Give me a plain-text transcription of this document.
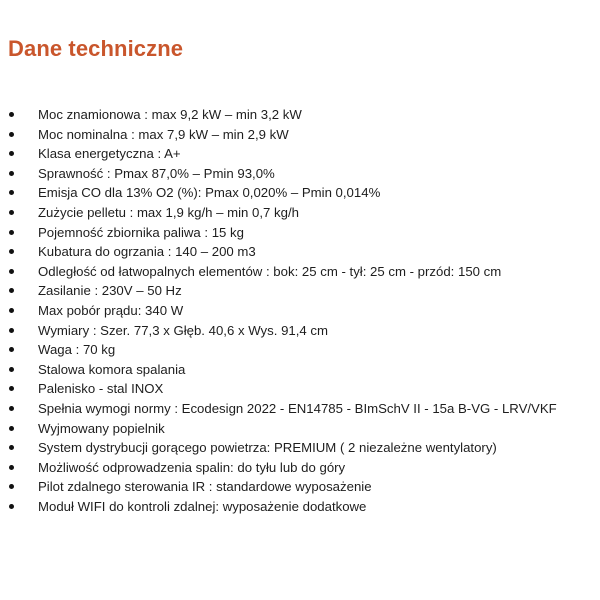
Dane techniczne
Moc znamionowa : max 9,2 kW – min 3,2 kW
Moc nominalna : max 7,9 kW – min 2,9 kW
Klasa energetyczna : A+
Sprawność : Pmax 87,0% – Pmin 93,0%
Emisja CO dla 13% O2 (%): Pmax 0,020% – Pmin 0,014%
Zużycie pelletu : max 1,9 kg/h – min 0,7 kg/h
Pojemność zbiornika paliwa : 15 kg
Kubatura do ogrzania : 140 – 200 m3
Odległość od łatwopalnych elementów : bok: 25 cm - tył: 25 cm - przód: 150 cm
Zasilanie : 230V – 50 Hz
Max pobór prądu: 340 W
Wymiary : Szer. 77,3 x Głęb. 40,6 x Wys. 91,4 cm
Waga : 70 kg
Stalowa komora spalania
Palenisko - stal INOX
Spełnia wymogi normy : Ecodesign 2022 - EN14785 - BImSchV II - 15a B-VG - LRV/VKF
Wyjmowany popielnik
System dystrybucji gorącego powietrza: PREMIUM ( 2 niezależne wentylatory)
Możliwość odprowadzenia spalin: do tyłu lub do góry
Pilot zdalnego sterowania IR : standardowe wyposażenie
Moduł WIFI do kontroli zdalnej: wyposażenie dodatkowe
